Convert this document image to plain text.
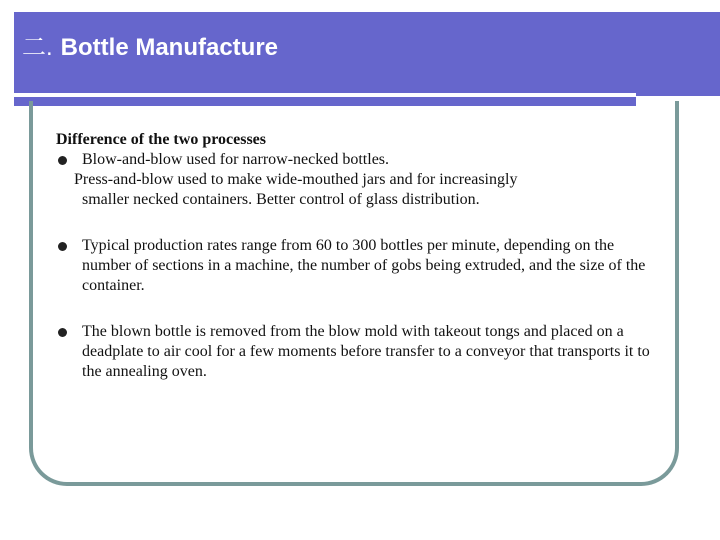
二. Bottle Manufacture
Difference of the two processes
Blow-and-blow used for narrow-necked bottles.
Press-and-blow used to make wide-mouthed jars and for increasingly
smaller necked containers. Better control of glass distribution.
Typical production rates range from 60 to 300 bottles per minute, depending on the number of sections in a machine, the number of gobs being extruded, and the size of the container.
The blown bottle is removed from the blow mold with takeout tongs and placed on a deadplate to air cool for a few moments before transfer to a conveyor that transports it to the annealing oven.
